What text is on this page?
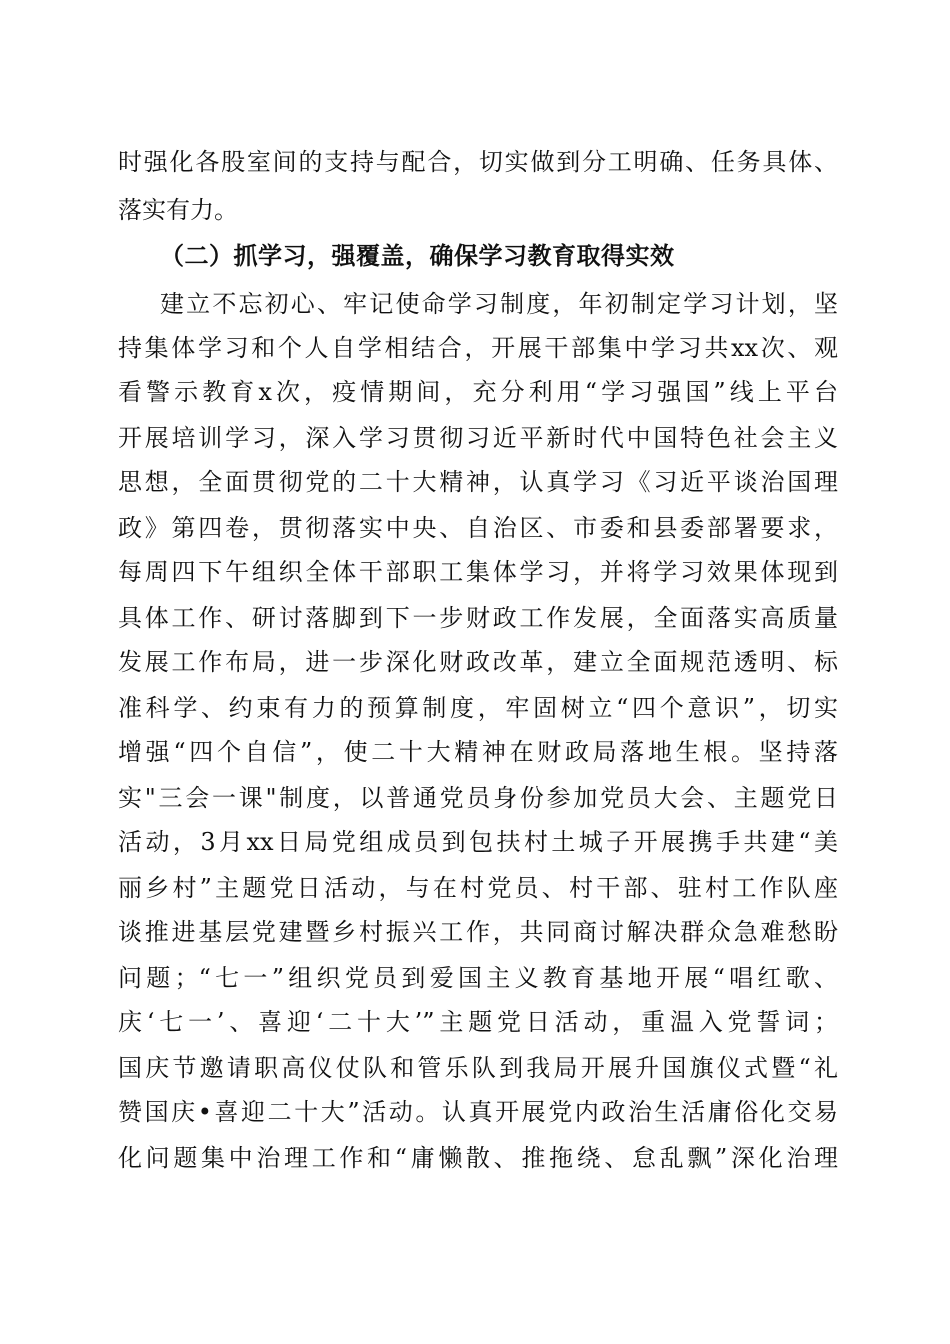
时强化各股室间的支持与配合，切实做到分工明确、任务具体、
落实有力。
（二）抓学习，强覆盖，确保学习教育取得实效
建立不忘初心、牢记使命学习制度，年初制定学习计划，坚
持集体学习和个人自学相结合，开展干部集中学习共xx次、观
看警示教育x次，疫情期间，充分利用“学习强国”线上平台
开展培训学习，深入学习贯彻习近平新时代中国特色社会主义
思想，全面贯彻党的二十大精神，认真学习《习近平谈治国理
政》第四卷，贯彻落实中央、自治区、市委和县委部署要求，
每周四下午组织全体干部职工集体学习，并将学习效果体现到
具体工作、研讨落脚到下一步财政工作发展，全面落实高质量
发展工作布局，进一步深化财政改革，建立全面规范透明、标
准科学、约束有力的预算制度，牢固树立“四个意识”，切实
增强“四个自信”，使二十大精神在财政局落地生根。坚持落
实"三会一课"制度，以普通党员身份参加党员大会、主题党日
活动，3月xx日局党组成员到包扶村土城子开展携手共建“美
丽乡村”主题党日活动，与在村党员、村干部、驻村工作队座
谈推进基层党建暨乡村振兴工作，共同商讨解决群众急难愁盼
问题；“七一”组织党员到爱国主义教育基地开展“唱红歌、
庆‘七一’、喜迎‘二十大’”主题党日活动，重温入党誓词；
国庆节邀请职高仪仗队和管乐队到我局开展升国旗仪式暨“礼
赞国庆•喜迎二十大”活动。认真开展党内政治生活庸俗化交易
化问题集中治理工作和“庸懒散、推拖绕、怠乱飘”深化治理
